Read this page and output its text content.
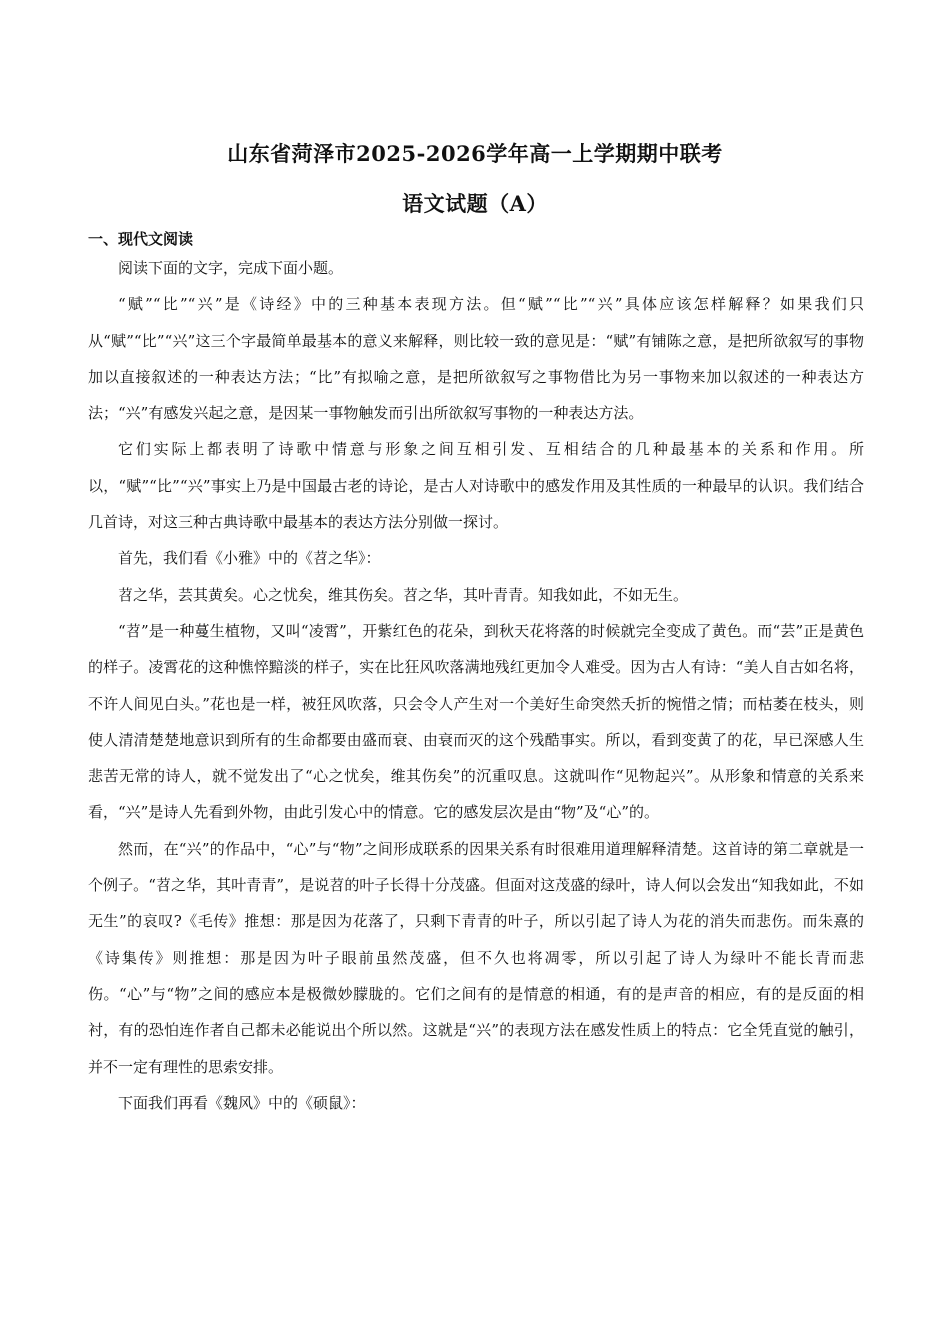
山东省菏泽市2025-2026学年高一上学期期中联考
语文试题（A）
一、现代文阅读

阅读下面的文字，完成下面小题。

“赋”“比”“兴”是《诗经》中的三种基本表现方法。但“赋”“比”“兴”具体应该怎样解释？如果我们只从“赋”“比”“兴”这三个字最简单最基本的意义来解释，则比较一致的意见是：“赋”有铺陈之意，是把所欲叙写的事物加以直接叙述的一种表达方法；“比”有拟喻之意，是把所欲叙写之事物借比为另一事物来加以叙述的一种表达方法；“兴”有感发兴起之意，是因某一事物触发而引出所欲叙写事物的一种表达方法。

它们实际上都表明了诗歌中情意与形象之间互相引发、互相结合的几种最基本的关系和作用。所以，“赋”“比”“兴”事实上乃是中国最古老的诗论，是古人对诗歌中的感发作用及其性质的一种最早的认识。我们结合几首诗，对这三种古典诗歌中最基本的表达方法分别做一探讨。

首先，我们看《小雅》中的《苕之华》：

苕之华，芸其黄矣。心之忧矣，维其伤矣。苕之华，其叶青青。知我如此，不如无生。

“苕”是一种蔓生植物，又叫“凌霄”，开紫红色的花朵，到秋天花将落的时候就完全变成了黄色。而“芸”正是黄色的样子。凌霄花的这种憔悴黯淡的样子，实在比狂风吹落满地残红更加令人难受。因为古人有诗：“美人自古如名将，不许人间见白头。”花也是一样，被狂风吹落，只会令人产生对一个美好生命突然夭折的惋惜之情；而枯萎在枝头，则使人清清楚楚地意识到所有的生命都要由盛而衰、由衰而灭的这个残酷事实。所以，看到变黄了的花，早已深感人生悲苦无常的诗人，就不觉发出了“心之忧矣，维其伤矣”的沉重叹息。这就叫作“见物起兴”。从形象和情意的关系来看，“兴”是诗人先看到外物，由此引发心中的情意。它的感发层次是由“物”及“心”的。

然而，在“兴”的作品中，“心”与“物”之间形成联系的因果关系有时很难用道理解释清楚。这首诗的第二章就是一个例子。“苕之华，其叶青青”，是说苕的叶子长得十分茂盛。但面对这茂盛的绿叶，诗人何以会发出“知我如此，不如无生”的哀叹?《毛传》推想：那是因为花落了，只剩下青青的叶子，所以引起了诗人为花的消失而悲伤。而朱熹的《诗集传》则推想：那是因为叶子眼前虽然茂盛，但不久也将凋零，所以引起了诗人为绿叶不能长青而悲伤。“心”与“物”之间的感应本是极微妙朦胧的。它们之间有的是情意的相通，有的是声音的相应，有的是反面的相衬，有的恐怕连作者自己都未必能说出个所以然。这就是“兴”的表现方法在感发性质上的特点：它全凭直觉的触引，并不一定有理性的思索安排。

下面我们再看《魏风》中的《硕鼠》：
